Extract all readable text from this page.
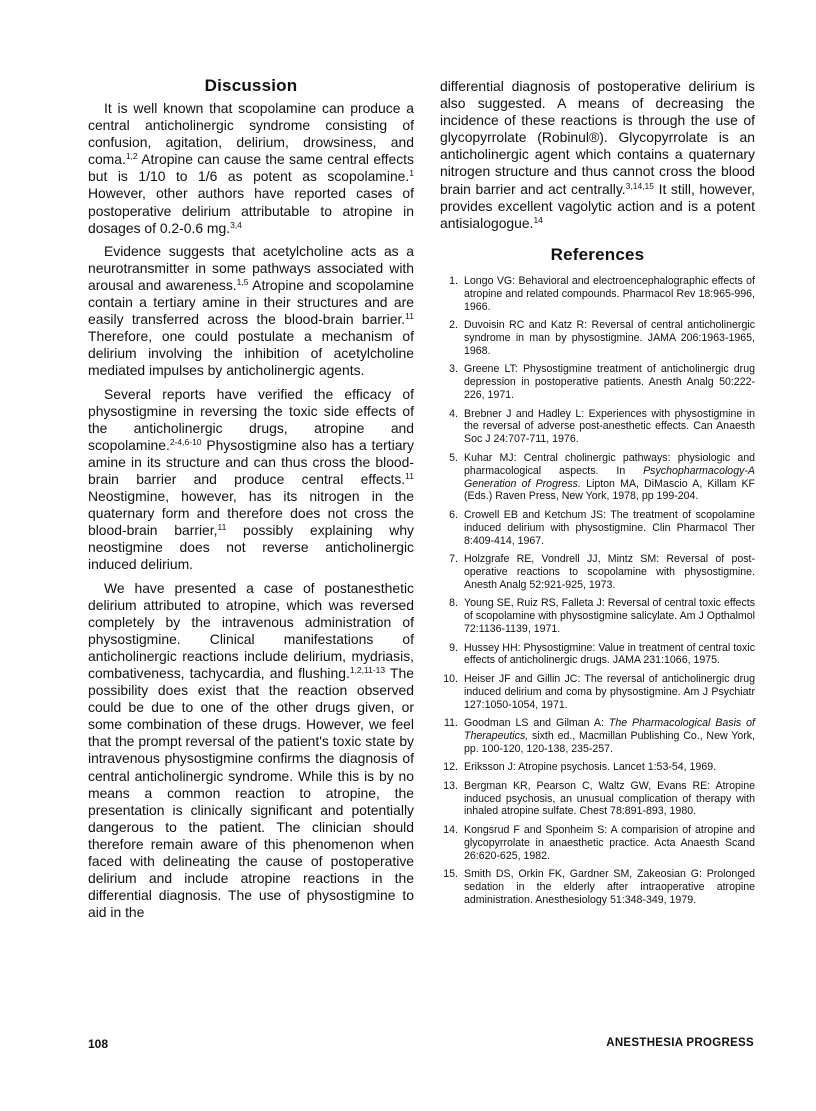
Discussion

It is well known that scopolamine can produce a central anticholinergic syndrome consisting of confusion, agitation, delirium, drowsiness, and coma.$^{1,2}$ Atropine can cause the same central effects but is 1/10 to 1/6 as potent as scopolamine.$^1$ However, other authors have reported cases of postoperative delirium attributable to atropine in dosages of 0.2-0.6 mg.$^{3,4}$

Evidence suggests that acetylcholine acts as a neurotransmitter in some pathways associated with arousal and awareness.$^{1,5}$ Atropine and scopolamine contain a tertiary amine in their structures and are easily transferred across the blood-brain barrier.$^{11}$ Therefore, one could postulate a mechanism of delirium involving the inhibition of acetylcholine mediated impulses by anticholinergic agents.

Several reports have verified the efficacy of physostigmine in reversing the toxic side effects of the anticholinergic drugs, atropine and scopolamine.$^{2-4,6-10}$ Physostigmine also has a tertiary amine in its structure and can thus cross the blood-brain barrier and produce central effects.$^{11}$ Neostigmine, however, has its nitrogen in the quaternary form and therefore does not cross the blood-brain barrier,$^{11}$ possibly explaining why neostigmine does not reverse anticholinergic induced delirium.

We have presented a case of postanesthetic delirium attributed to atropine, which was reversed completely by the intravenous administration of physostigmine. Clinical manifestations of anticholinergic reactions include delirium, mydriasis, combativeness, tachycardia, and flushing.$^{1,2,11-13}$ The possibility does exist that the reaction observed could be due to one of the other drugs given, or some combination of these drugs. However, we feel that the prompt reversal of the patient's toxic state by intravenous physostigmine confirms the diagnosis of central anticholinergic syndrome. While this is by no means a common reaction to atropine, the presentation is clinically significant and potentially dangerous to the patient. The clinician should therefore remain aware of this phenomenon when faced with delineating the cause of postoperative delirium and include atropine reactions in the differential diagnosis. The use of physostigmine to aid in the

differential diagnosis of postoperative delirium is also suggested. A means of decreasing the incidence of these reactions is through the use of glycopyrrolate (Robinul®). Glycopyrrolate is an anticholinergic agent which contains a quaternary nitrogen structure and thus cannot cross the blood brain barrier and act centrally.$^{3,14,15}$ It still, however, provides excellent vagolytic action and is a potent antisialogogue.$^{14}$

References
1. Longo VG: Behavioral and electroencephalographic effects of atropine and related compounds. Pharmacol Rev 18:965-996, 1966.
2. Duvoisin RC and Katz R: Reversal of central anticholinergic syndrome in man by physostigmine. JAMA 206:1963-1965, 1968.
3. Greene LT: Physostigmine treatment of anticholinergic drug depression in postoperative patients. Anesth Analg 50:222-226, 1971.
4. Brebner J and Hadley L: Experiences with physostigmine in the reversal of adverse post-anesthetic effects. Can Anaesth Soc J 24:707-711, 1976.
5. Kuhar MJ: Central cholinergic pathways: physiologic and pharmacological aspects. In Psychopharmacology-A Generation of Progress. Lipton MA, DiMascio A, Killam KF (Eds.) Raven Press, New York, 1978, pp 199-204.
6. Crowell EB and Ketchum JS: The treatment of scopolamine induced delirium with physostigmine. Clin Pharmacol Ther 8:409-414, 1967.
7. Holzgrafe RE, Vondrell JJ, Mintz SM: Reversal of post-operative reactions to scopolamine with physostigmine. Anesth Analg 52:921-925, 1973.
8. Young SE, Ruiz RS, Falleta J: Reversal of central toxic effects of scopolamine with physostigmine salicylate. Am J Opthalmol 72:1136-1139, 1971.
9. Hussey HH: Physostigmine: Value in treatment of central toxic effects of anticholinergic drugs. JAMA 231:1066, 1975.
10. Heiser JF and Gillin JC: The reversal of anticholinergic drug induced delirium and coma by physostigmine. Am J Psychiatr 127:1050-1054, 1971.
11. Goodman LS and Gilman A: The Pharmacological Basis of Therapeutics, sixth ed., Macmillan Publishing Co., New York, pp. 100-120, 120-138, 235-257.
12. Eriksson J: Atropine psychosis. Lancet 1:53-54, 1969.
13. Bergman KR, Pearson C, Waltz GW, Evans RE: Atropine induced psychosis, an unusual complication of therapy with inhaled atropine sulfate. Chest 78:891-893, 1980.
14. Kongsrud F and Sponheim S: A comparision of atropine and glycopyrrolate in anaesthetic practice. Acta Anaesth Scand 26:620-625, 1982.
15. Smith DS, Orkin FK, Gardner SM, Zakeosian G: Prolonged sedation in the elderly after intraoperative atropine administration. Anesthesiology 51:348-349, 1979.
108	ANESTHESIA PROGRESS
